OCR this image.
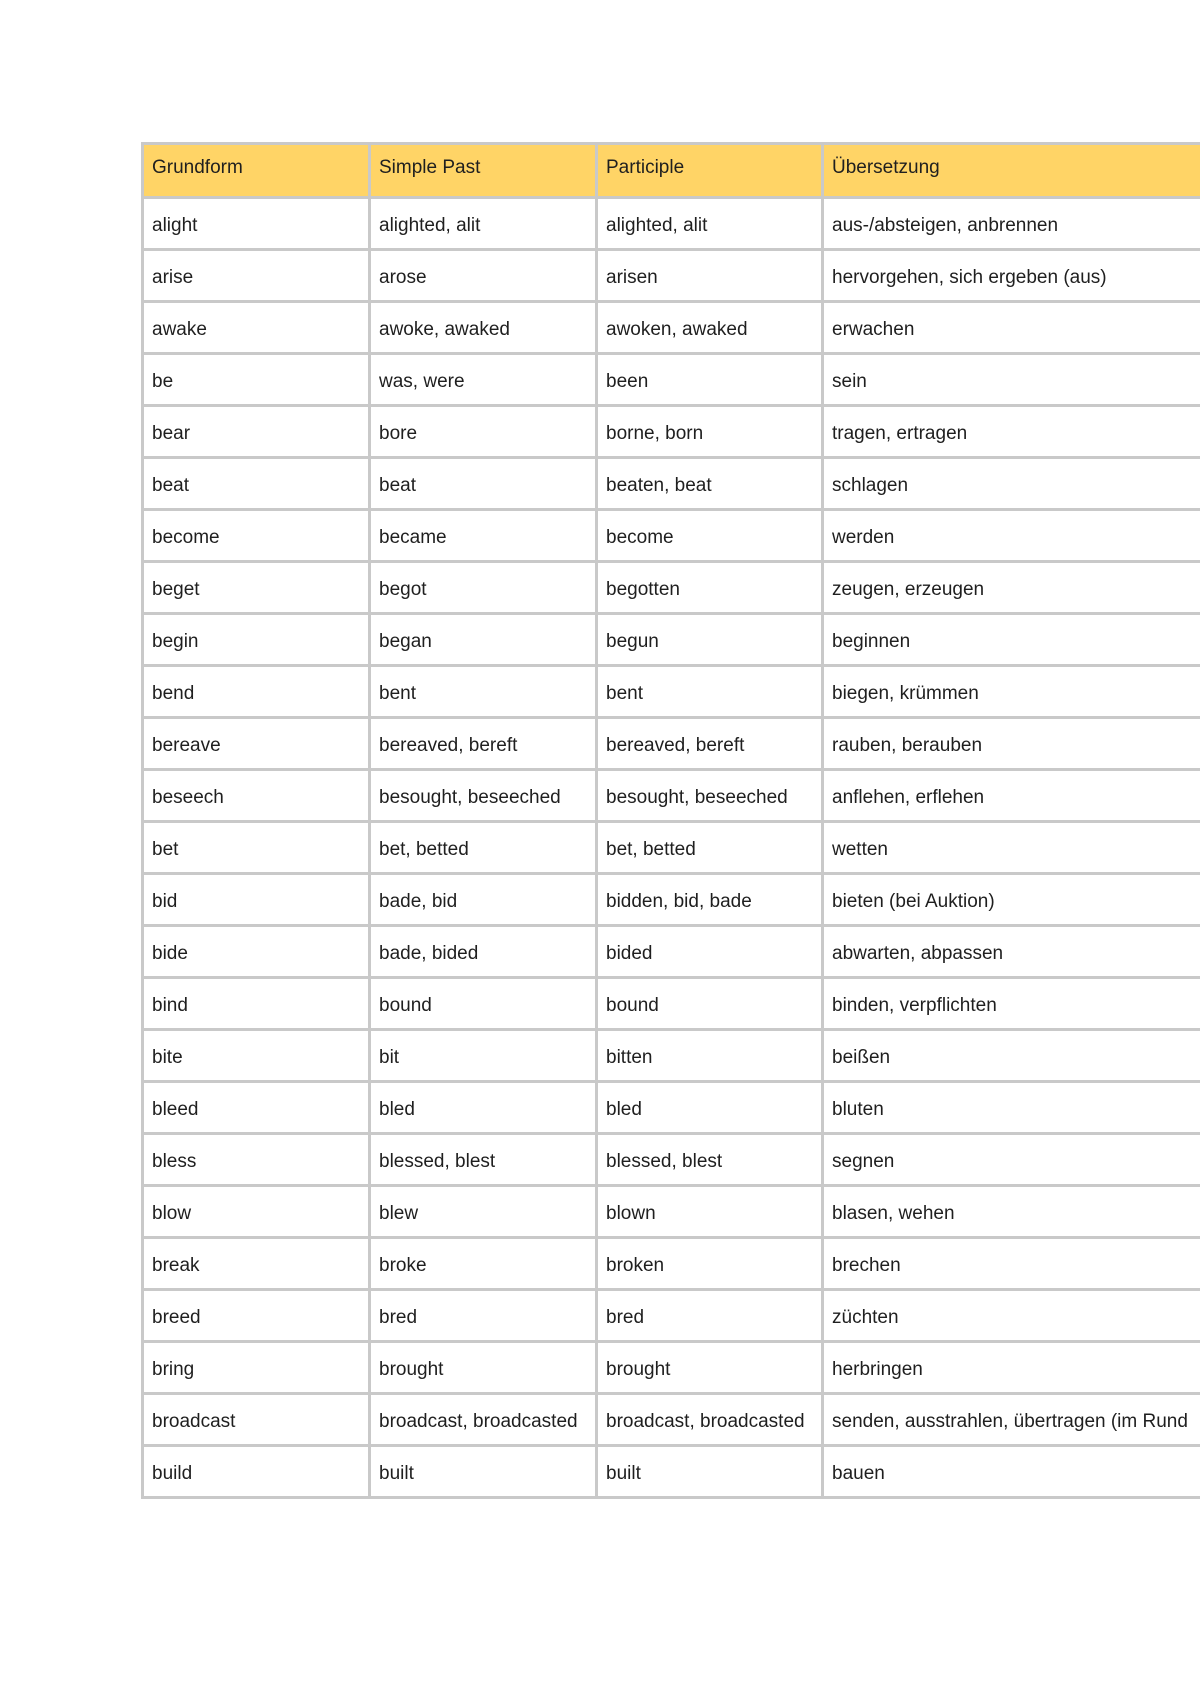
Grundform	Simple Past	Participle	Übersetzung
alight	alighted, alit	alighted, alit	aus-/absteigen, anbrennen
arise	arose	arisen	hervorgehen, sich ergeben (aus)
awake	awoke, awaked	awoken, awaked	erwachen
be	was, were	been	sein
bear	bore	borne, born	tragen, ertragen
beat	beat	beaten, beat	schlagen
become	became	become	werden
beget	begot	begotten	zeugen, erzeugen
begin	began	begun	beginnen
bend	bent	bent	biegen, krümmen
bereave	bereaved, bereft	bereaved, bereft	rauben, berauben
beseech	besought, beseeched	besought, beseeched	anflehen, erflehen
bet	bet, betted	bet, betted	wetten
bid	bade, bid	bidden, bid, bade	bieten (bei Auktion)
bide	bade, bided	bided	abwarten, abpassen
bind	bound	bound	binden, verpflichten
bite	bit	bitten	beißen
bleed	bled	bled	bluten
bless	blessed, blest	blessed, blest	segnen
blow	blew	blown	blasen, wehen
break	broke	broken	brechen
breed	bred	bred	züchten
bring	brought	brought	herbringen
broadcast	broadcast, broadcasted	broadcast, broadcasted	senden, ausstrahlen, übertragen (im Rund
build	built	built	bauen
